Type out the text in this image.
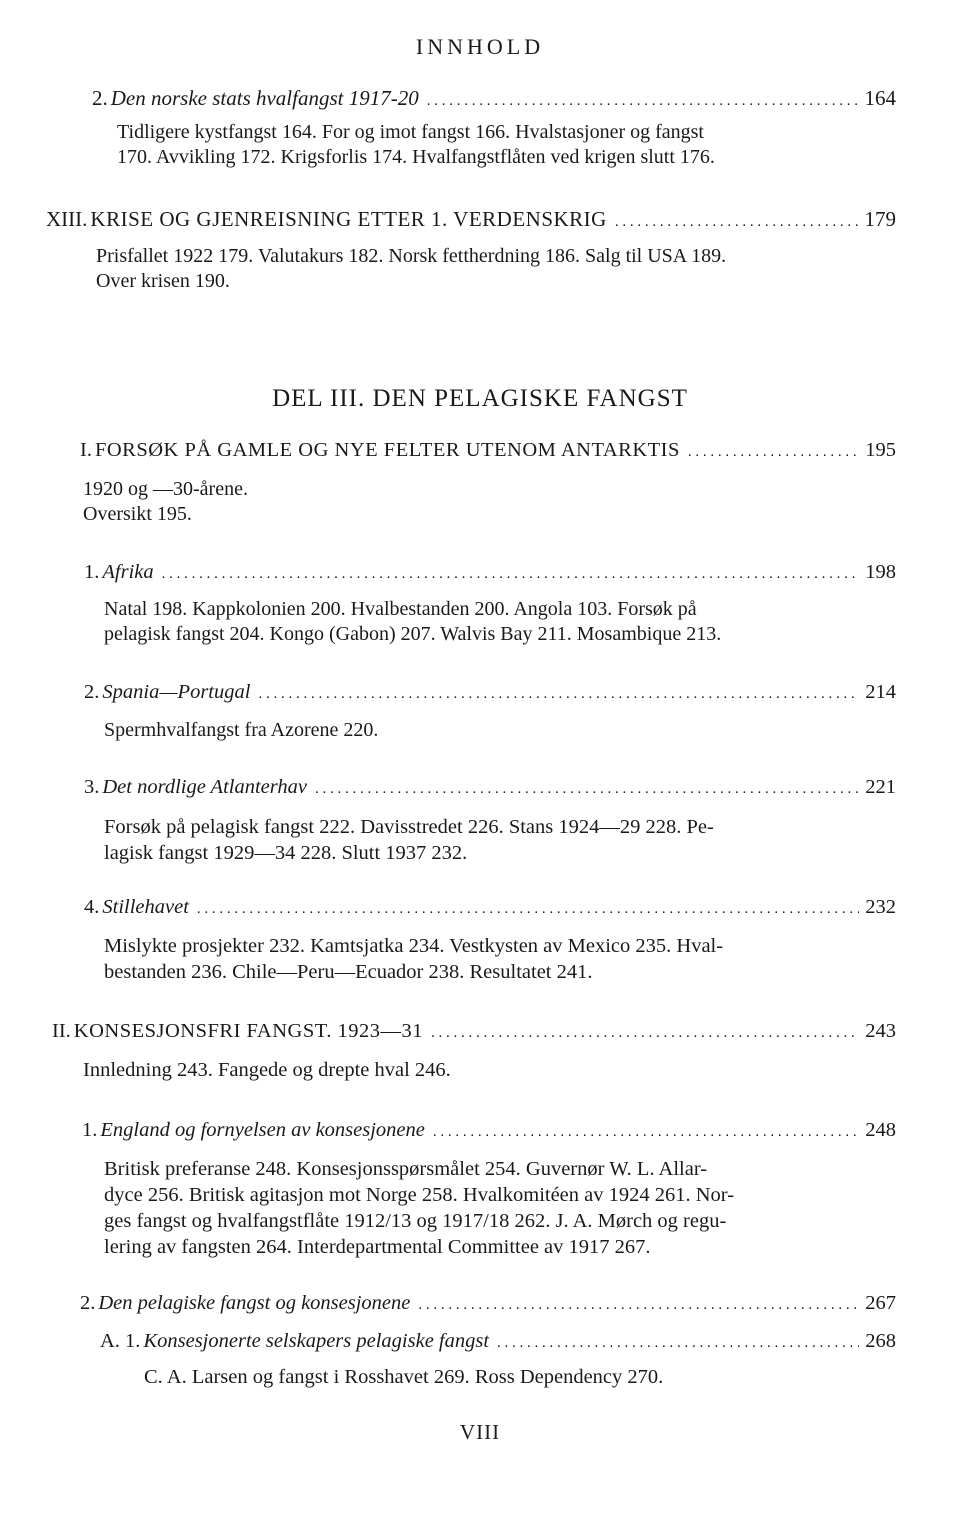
INNHOLD
2. Den norske stats hvalfangst 1917-20 . . .	164
Tidligere kystfangst 164. For og imot fangst 166. Hvalstasjoner og fangst
170. Avvikling 172. Krigsforlis 174. Hvalfangstflåten ved krigen slutt 176.
XIII. KRISE OG GJENREISNING ETTER 1. VERDENSKRIG . . .	179
Prisfallet 1922 179. Valutakurs 182. Norsk fettherdning 186. Salg til USA 189.
Over krisen 190.
DEL III. DEN PELAGISKE FANGST
I. FORSØK PÅ GAMLE OG NYE FELTER UTENOM ANTARKTIS . . .	195
1920 og —30-årene.
Oversikt 195.
1. Afrika . . .	198
Natal 198. Kappkolonien 200. Hvalbestanden 200. Angola 103. Forsøk på
pelagisk fangst 204. Kongo (Gabon) 207. Walvis Bay 211. Mosambique 213.
2. Spania—Portugal . . .	214
Spermhvalfangst fra Azorene 220.
3. Det nordlige Atlanterhav . . .	221
Forsøk på pelagisk fangst 222. Davisstredet 226. Stans 1924—29 228. Pe-
lagisk fangst 1929—34 228. Slutt 1937 232.
4. Stillehavet . . .	232
Mislykte prosjekter 232. Kamtsjatka 234. Vestkysten av Mexico 235. Hval-
bestanden 236. Chile—Peru—Ecuador 238. Resultatet 241.
II. KONSESJONSFRI FANGST. 1923—31 . . .	243
Innledning 243. Fangede og drepte hval 246.
1. England og fornyelsen av konsesjonene . . .	248
Britisk preferanse 248. Konsesjonsspørsmålet 254. Guvernør W. L. Allar-
dyce 256. Britisk agitasjon mot Norge 258. Hvalkomitéen av 1924 261. Nor-
ges fangst og hvalfangstflåte 1912/13 og 1917/18 262. J. A. Mørch og regu-
lering av fangsten 264. Interdepartmental Committee av 1917 267.
2. Den pelagiske fangst og konsesjonene . . .	267
A. 1. Konsesjonerte selskapers pelagiske fangst . . .	268
C. A. Larsen og fangst i Rosshavet 269. Ross Dependency 270.
VIII
